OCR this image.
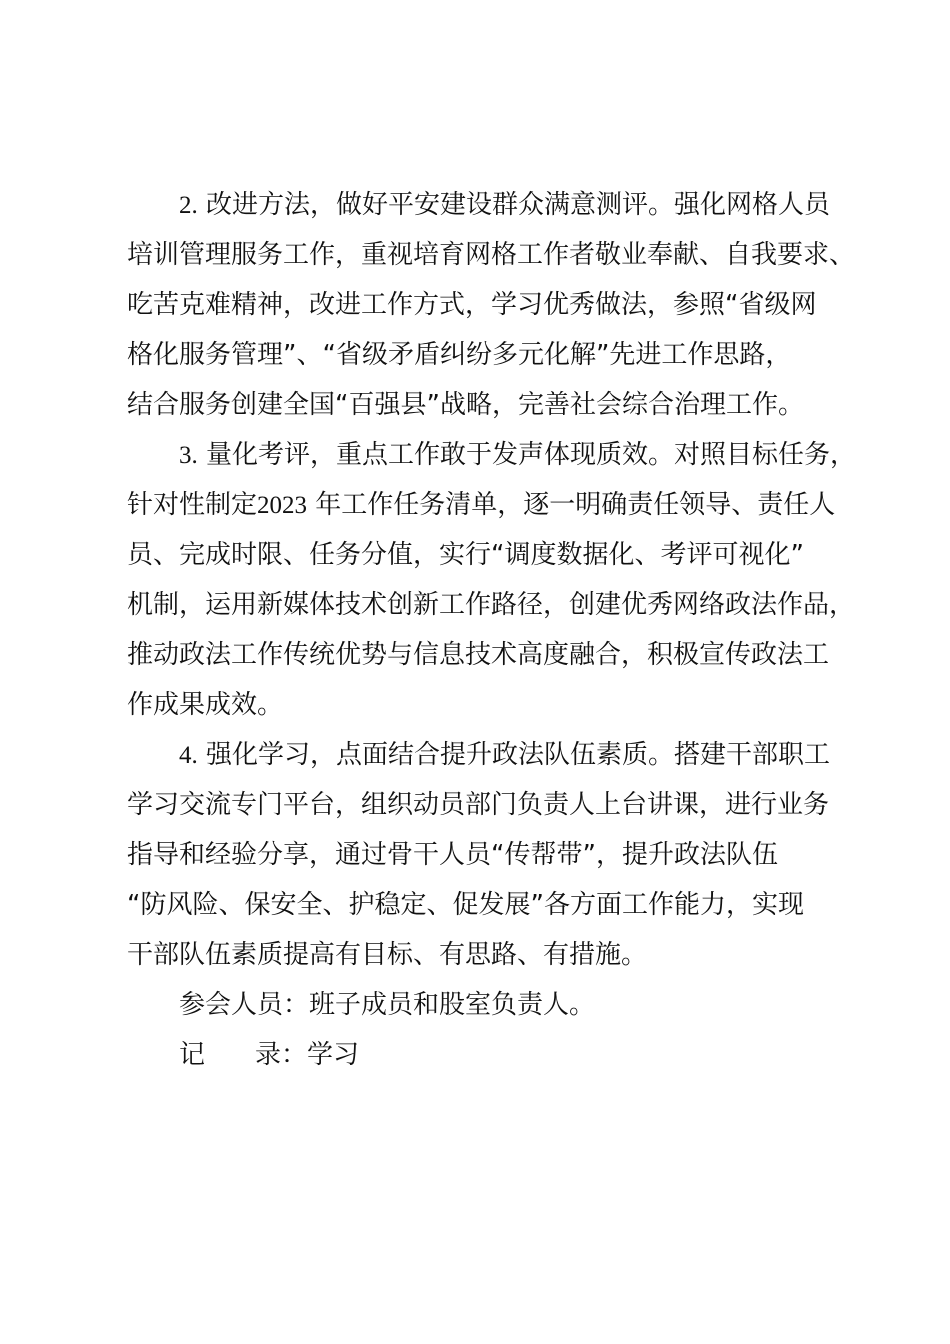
2. 改进方法，做好平安建设群众满意测评。强化网格人员

培训管理服务工作，重视培育网格工作者敬业奉献、自我要求、

吃苦克难精神，改进工作方式，学习优秀做法，参照“省级网

格化服务管理”、“省级矛盾纠纷多元化解”先进工作思路，

结合服务创建全国“百强县”战略，完善社会综合治理工作。

3. 量化考评，重点工作敢于发声体现质效。对照目标任务，

针对性制定2023 年工作任务清单，逐一明确责任领导、责任人

员、完成时限、任务分值，实行“调度数据化、考评可视化”

机制，运用新媒体技术创新工作路径，创建优秀网络政法作品，

推动政法工作传统优势与信息技术高度融合，积极宣传政法工

作成果成效。

4. 强化学习，点面结合提升政法队伍素质。搭建干部职工

学习交流专门平台，组织动员部门负责人上台讲课，进行业务

指导和经验分享，通过骨干人员“传帮带”，提升政法队伍

“防风险、保安全、护稳定、促发展”各方面工作能力，实现

干部队伍素质提高有目标、有思路、有措施。

参会人员：班子成员和股室负责人。

记 录：学习
